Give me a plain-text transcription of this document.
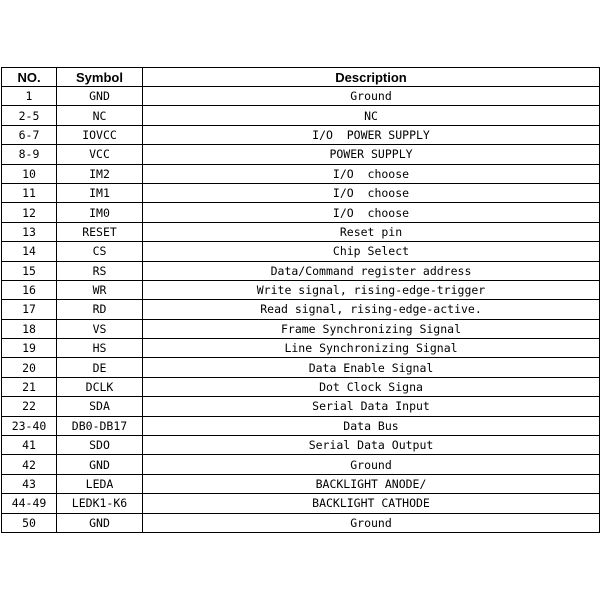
NO.	Symbol	Description
1	GND	Ground
2-5	NC	NC
6-7	IOVCC	I/O  POWER SUPPLY
8-9	VCC	POWER SUPPLY
10	IM2	I/O  choose
11	IM1	I/O  choose
12	IM0	I/O  choose
13	RESET	Reset pin
14	CS	Chip Select
15	RS	Data/Command register address
16	WR	Write signal, rising-edge-trigger
17	RD	Read signal, rising-edge-active.
18	VS	Frame Synchronizing Signal
19	HS	Line Synchronizing Signal
20	DE	Data Enable Signal
21	DCLK	Dot Clock Signa
22	SDA	Serial Data Input
23-40	DB0-DB17	Data Bus
41	SDO	Serial Data Output
42	GND	Ground
43	LEDA	BACKLIGHT ANODE/
44-49	LEDK1-K6	BACKLIGHT CATHODE
50	GND	Ground
